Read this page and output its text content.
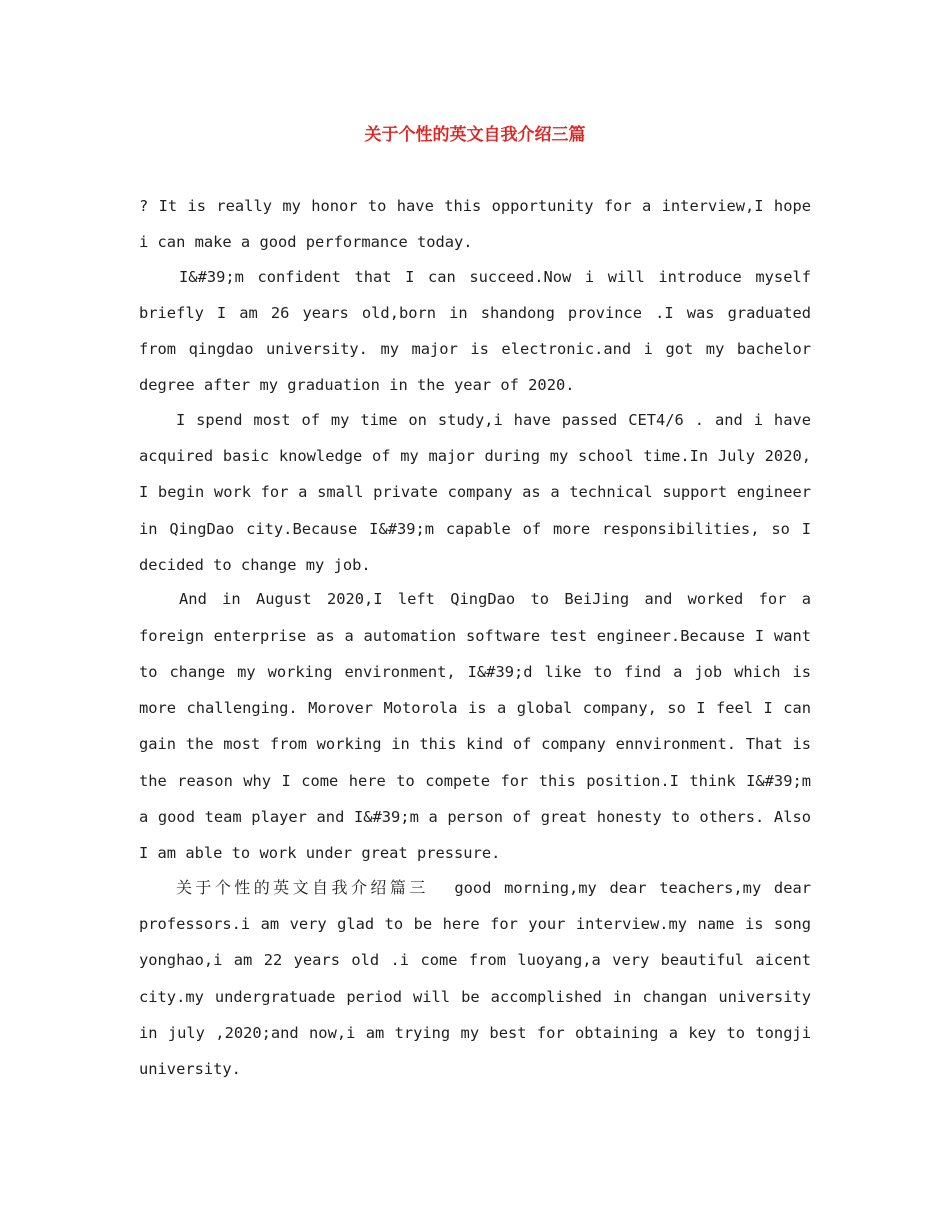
关于个性的英文自我介绍三篇

? It is really my honor to have this opportunity for a interview,I hope i can make a good performance today.

I&#39;m confident that I can succeed.Now i will introduce myself briefly I am 26 years old,born in shandong province .I was graduated from qingdao university. my major is electronic.and i got my bachelor degree after my graduation in the year of 2020.

I spend most of my time on study,i have passed CET4/6 . and i have acquired basic knowledge of my major during my school time.In July 2020, I begin work for a small private company as a technical support engineer in QingDao city.Because I&#39;m capable of more responsibilities, so I decided to change my job.

And in August 2020,I left QingDao to BeiJing and worked for a foreign enterprise as a automation software test engineer.Because I want to change my working environment, I&#39;d like to find a job which is more challenging. Morover Motorola is a global company, so I feel I can gain the most from working in this kind of company ennvironment. That is the reason why I come here to compete for this position.I think I&#39;m a good team player and I&#39;m a person of great honesty to others. Also I am able to work under great pressure.

关于个性的英文自我介绍篇三 good morning,my dear teachers,my dear professors.i am very glad to be here for your interview.my name is song yonghao,i am 22 years old .i come from luoyang,a very beautiful aicent city.my undergratuade period will be accomplished in changan university in july ,2020;and now,i am trying my best for obtaining a key to tongji university.
